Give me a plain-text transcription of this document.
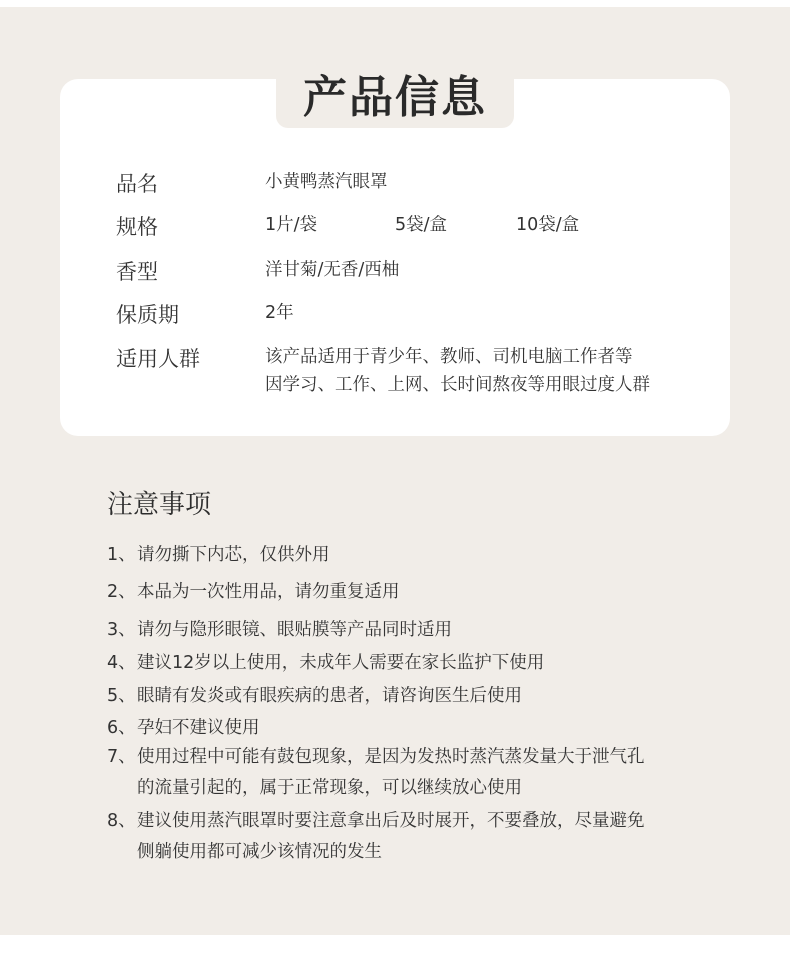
产品信息
品名	小黄鸭蒸汽眼罩
规格	1片/袋	5袋/盒	10袋/盒
香型	洋甘菊/无香/西柚
保质期	2年
适用人群	该产品适用于青少年、教师、司机电脑工作者等
因学习、工作、上网、长时间熬夜等用眼过度人群
注意事项
1、请勿撕下内芯，仅供外用
2、本品为一次性用品，请勿重复适用
3、请勿与隐形眼镜、眼贴膜等产品同时适用
4、建议12岁以上使用，未成年人需要在家长监护下使用
5、眼睛有发炎或有眼疾病的患者，请咨询医生后使用
6、孕妇不建议使用
7、使用过程中可能有鼓包现象，是因为发热时蒸汽蒸发量大于泄气孔
的流量引起的，属于正常现象，可以继续放心使用
8、建议使用蒸汽眼罩时要注意拿出后及时展开，不要叠放，尽量避免
侧躺使用都可减少该情况的发生
